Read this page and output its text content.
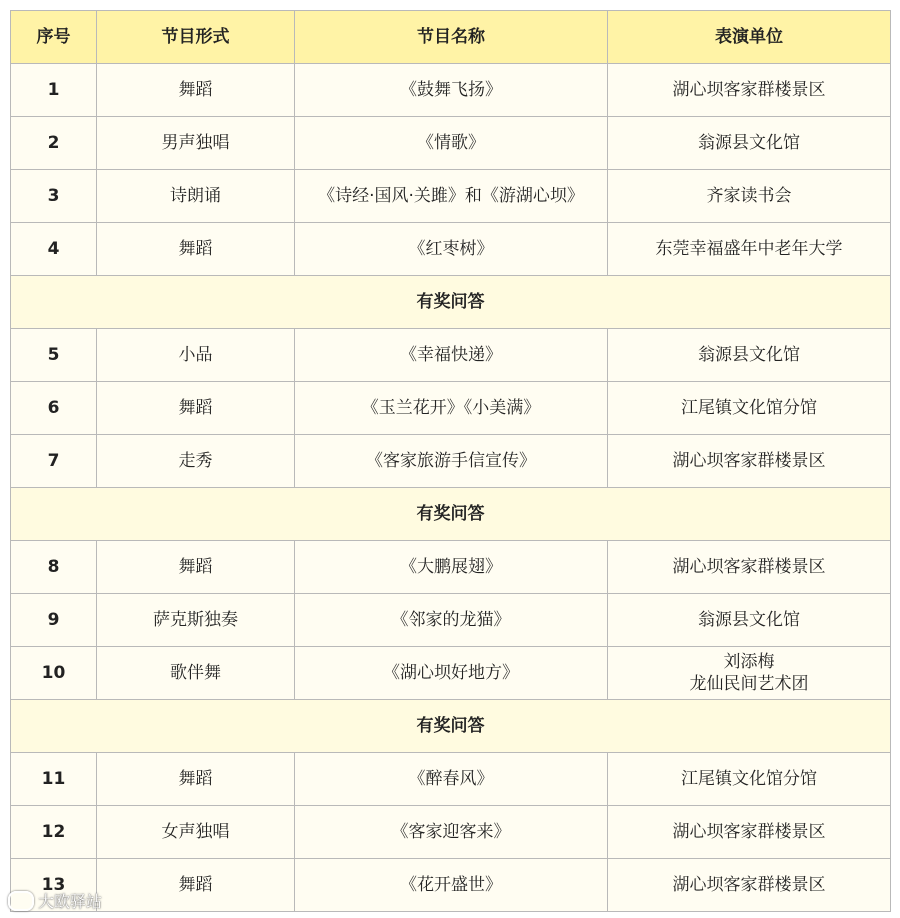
序号	节目形式	节目名称	表演单位
1	舞蹈	《鼓舞飞扬》	湖心坝客家群楼景区
2	男声独唱	《情歌》	翁源县文化馆
3	诗朗诵	《诗经·国风·关雎》和《游湖心坝》	齐家读书会
4	舞蹈	《红枣树》	东莞幸福盛年中老年大学
有奖问答			
5	小品	《幸福快递》	翁源县文化馆
6	舞蹈	《玉兰花开》《小美满》	江尾镇文化馆分馆
7	走秀	《客家旅游手信宣传》	湖心坝客家群楼景区
有奖问答			
8	舞蹈	《大鹏展翅》	湖心坝客家群楼景区
9	萨克斯独奏	《邻家的龙猫》	翁源县文化馆
10	歌伴舞	《湖心坝好地方》	刘添梅
龙仙民间艺术团

有奖问答			
11	舞蹈	《醉春风》	江尾镇文化馆分馆
12	女声独唱	《客家迎客来》	湖心坝客家群楼景区
13	舞蹈	《花开盛世》	湖心坝客家群楼景区
大欧驿站
